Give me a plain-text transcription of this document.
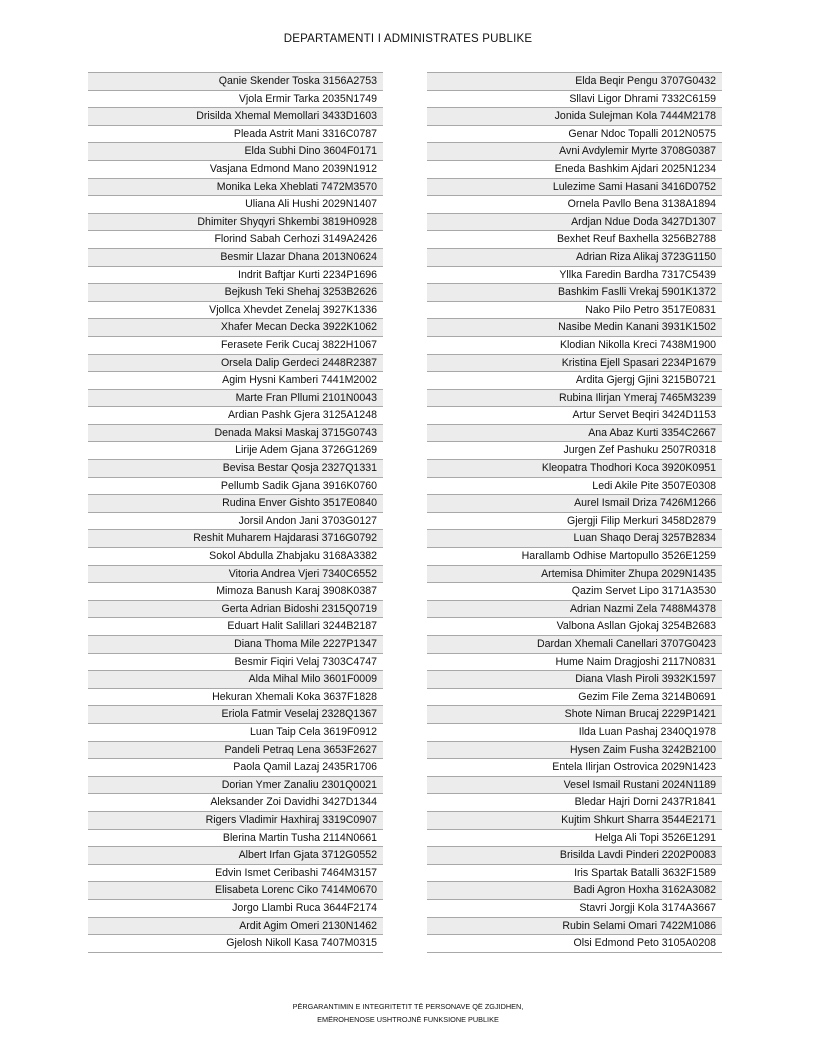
DEPARTAMENTI I ADMINISTRATES PUBLIKE
Qanie Skender Toska 3156A2753
Vjola Ermir Tarka 2035N1749
Drisilda Xhemal Memollari 3433D1603
Pleada Astrit Mani 3316C0787
Elda Subhi Dino 3604F0171
Vasjana Edmond Mano 2039N1912
Monika Leka Xheblati 7472M3570
Uliana Ali Hushi 2029N1407
Dhimiter Shyqyri Shkembi 3819H0928
Florind Sabah Cerhozi 3149A2426
Besmir Llazar Dhana 2013N0624
Indrit Baftjar Kurti 2234P1696
Bejkush Teki Shehaj 3253B2626
Vjollca Xhevdet Zenelaj 3927K1336
Xhafer Mecan Decka 3922K1062
Ferasete Ferik Cucaj 3822H1067
Orsela Dalip Gerdeci 2448R2387
Agim Hysni Kamberi 7441M2002
Marte Fran Pllumi 2101N0043
Ardian Pashk Gjera 3125A1248
Denada Maksi Maskaj 3715G0743
Lirije Adem Gjana 3726G1269
Bevisa Bestar Qosja 2327Q1331
Pellumb Sadik Gjana 3916K0760
Rudina Enver Gishto 3517E0840
Jorsil Andon Jani 3703G0127
Reshit Muharem Hajdarasi 3716G0792
Sokol Abdulla Zhabjaku 3168A3382
Vitoria Andrea Vjeri 7340C6552
Mimoza Banush Karaj 3908K0387
Gerta Adrian Bidoshi 2315Q0719
Eduart Halit Salillari 3244B2187
Diana Thoma Mile 2227P1347
Besmir Fiqiri Velaj 7303C4747
Alda Mihal Milo 3601F0009
Hekuran Xhemali Koka 3637F1828
Eriola Fatmir Veselaj 2328Q1367
Luan Taip Cela 3619F0912
Pandeli Petraq Lena 3653F2627
Paola Qamil Lazaj 2435R1706
Dorian Ymer Zanaliu 2301Q0021
Aleksander Zoi Davidhi 3427D1344
Rigers Vladimir Haxhiraj 3319C0907
Blerina Martin Tusha 2114N0661
Albert Irfan Gjata 3712G0552
Edvin Ismet Ceribashi 7464M3157
Elisabeta Lorenc Ciko 7414M0670
Jorgo Llambi Ruca 3644F2174
Ardit Agim Omeri 2130N1462
Gjelosh Nikoll Kasa 7407M0315
Elda Beqir Pengu 3707G0432
Sllavi Ligor Dhrami 7332C6159
Jonida Sulejman Kola 7444M2178
Genar Ndoc Topalli 2012N0575
Avni Avdylemir Myrte 3708G0387
Eneda Bashkim Ajdari 2025N1234
Lulezime Sami Hasani 3416D0752
Ornela Pavllo Bena 3138A1894
Ardjan Ndue Doda 3427D1307
Bexhet Reuf Baxhella 3256B2788
Adrian Riza Alikaj 3723G1150
Yllka Faredin Bardha 7317C5439
Bashkim Faslli Vrekaj 5901K1372
Nako Pilo Petro 3517E0831
Nasibe Medin Kanani 3931K1502
Klodian Nikolla Kreci 7438M1900
Kristina Ejell Spasari 2234P1679
Ardita Gjergj Gjini 3215B0721
Rubina Ilirjan Ymeraj 7465M3239
Artur Servet Beqiri 3424D1153
Ana Abaz Kurti 3354C2667
Jurgen Zef Pashuku 2507R0318
Kleopatra Thodhori Koca 3920K0951
Ledi Akile Pite 3507E0308
Aurel Ismail Driza 7426M1266
Gjergji Filip Merkuri 3458D2879
Luan Shaqo Deraj 3257B2834
Harallamb Odhise Martopullo 3526E1259
Artemisa Dhimiter Zhupa 2029N1435
Qazim Servet Lipo 3171A3530
Adrian Nazmi Zela 7488M4378
Valbona Asllan Gjokaj 3254B2683
Dardan Xhemali Canellari 3707G0423
Hume Naim Dragjoshi 2117N0831
Diana Vlash Piroli 3932K1597
Gezim File Zema 3214B0691
Shote Niman Brucaj 2229P1421
Ilda Luan Pashaj 2340Q1978
Hysen Zaim Fusha 3242B2100
Entela Ilirjan Ostrovica 2029N1423
Vesel Ismail Rustani 2024N1189
Bledar Hajri Dorni 2437R1841
Kujtim Shkurt Sharra 3544E2171
Helga Ali Topi 3526E1291
Brisilda Lavdi Pinderi 2202P0083
Iris Spartak Batalli 3632F1589
Badi Agron Hoxha 3162A3082
Stavri Jorgji Kola 3174A3667
Rubin Selami Omari 7422M1086
Olsi Edmond Peto 3105A0208
PËRGARANTIMIN E INTEGRITETIT TË PERSONAVE QË ZGJIDHEN,
EMËROHENOSE USHTROJNË FUNKSIONE PUBLIKE
